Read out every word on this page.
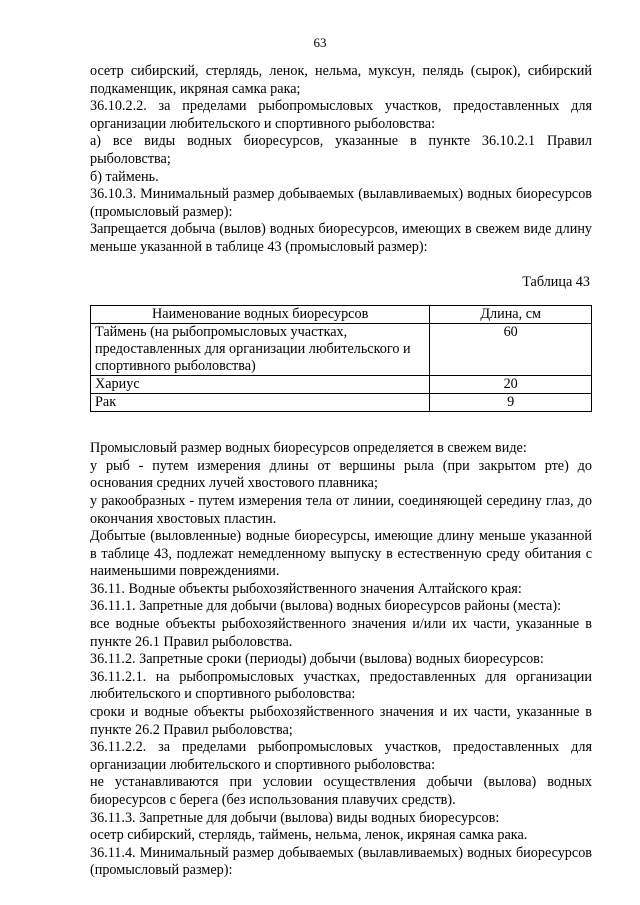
63

осетр сибирский, стерлядь, ленок, нельма, муксун, пелядь (сырок), сибирский подкаменщик, икряная самка рака;

36.10.2.2. за пределами рыбопромысловых участков, предоставленных для организации любительского и спортивного рыболовства:

а) все виды водных биоресурсов, указанные в пункте 36.10.2.1 Правил рыболовства;

б) таймень.

36.10.3. Минимальный размер добываемых (вылавливаемых) водных биоресурсов (промысловый размер):

Запрещается добыча (вылов) водных биоресурсов, имеющих в свежем виде длину меньше указанной в таблице 43 (промысловый размер):

Таблица 43
Наименование водных биоресурсов	Длина, см
Таймень (на рыбопромысловых участках, предоставленных для организации любительского и спортивного рыболовства)	60
Хариус	20
Рак	9

Промысловый размер водных биоресурсов определяется в свежем виде:

у рыб - путем измерения длины от вершины рыла (при закрытом рте) до основания средних лучей хвостового плавника;

у ракообразных - путем измерения тела от линии, соединяющей середину глаз, до окончания хвостовых пластин.

Добытые (выловленные) водные биоресурсы, имеющие длину меньше указанной в таблице 43, подлежат немедленному выпуску в естественную среду обитания с наименьшими повреждениями.

36.11. Водные объекты рыбохозяйственного значения Алтайского края:

36.11.1. Запретные для добычи (вылова) водных биоресурсов районы (места):

все водные объекты рыбохозяйственного значения и/или их части, указанные в пункте 26.1 Правил рыболовства.

36.11.2. Запретные сроки (периоды) добычи (вылова) водных биоресурсов:

36.11.2.1. на рыбопромысловых участках, предоставленных для организации любительского и спортивного рыболовства:

сроки и водные объекты рыбохозяйственного значения и их части, указанные в пункте 26.2 Правил рыболовства;

36.11.2.2. за пределами рыбопромысловых участков, предоставленных для организации любительского и спортивного рыболовства:

не устанавливаются при условии осуществления добычи (вылова) водных биоресурсов с берега (без использования плавучих средств).

36.11.3. Запретные для добычи (вылова) виды водных биоресурсов:

осетр сибирский, стерлядь, таймень, нельма, ленок, икряная самка рака.

36.11.4. Минимальный размер добываемых (вылавливаемых) водных биоресурсов (промысловый размер):
